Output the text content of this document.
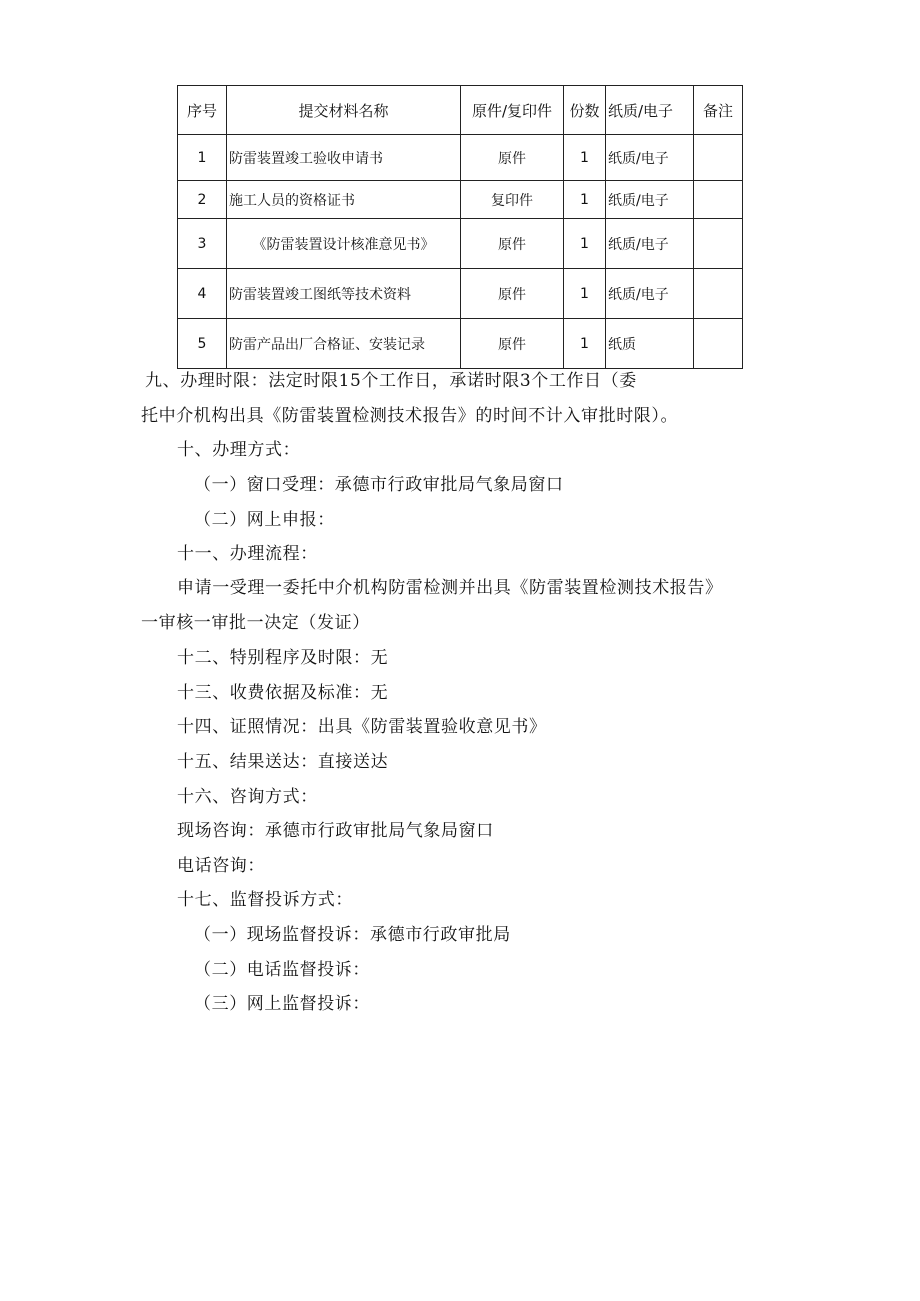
序号	提交材料名称	原件/复印件	份数	纸质/电子	备注
1	防雷装置竣工验收申请书	原件	1	纸质/电子	
2	施工人员的资格证书	复印件	1	纸质/电子	
3	《防雷装置设计核准意见书》	原件	1	纸质/电子	
4	防雷装置竣工图纸等技术资料	原件	1	纸质/电子	
5	防雷产品出厂合格证、安装记录	原件	1	纸质	
九、办理时限：法定时限15个工作日，承诺时限3个工作日（委
托中介机构出具《防雷装置检测技术报告》的时间不计入审批时限）。
十、办理方式：
（一）窗口受理：承德市行政审批局气象局窗口
（二）网上申报：
十一、办理流程：
申请一受理一委托中介机构防雷检测并出具《防雷装置检测技术报告》
一审核一审批一决定（发证）
十二、特别程序及时限：无
十三、收费依据及标准：无
十四、证照情况：出具《防雷装置验收意见书》
十五、结果送达：直接送达
十六、咨询方式：
现场咨询：承德市行政审批局气象局窗口
电话咨询：
十七、监督投诉方式：
（一）现场监督投诉：承德市行政审批局
（二）电话监督投诉：
（三）网上监督投诉：
